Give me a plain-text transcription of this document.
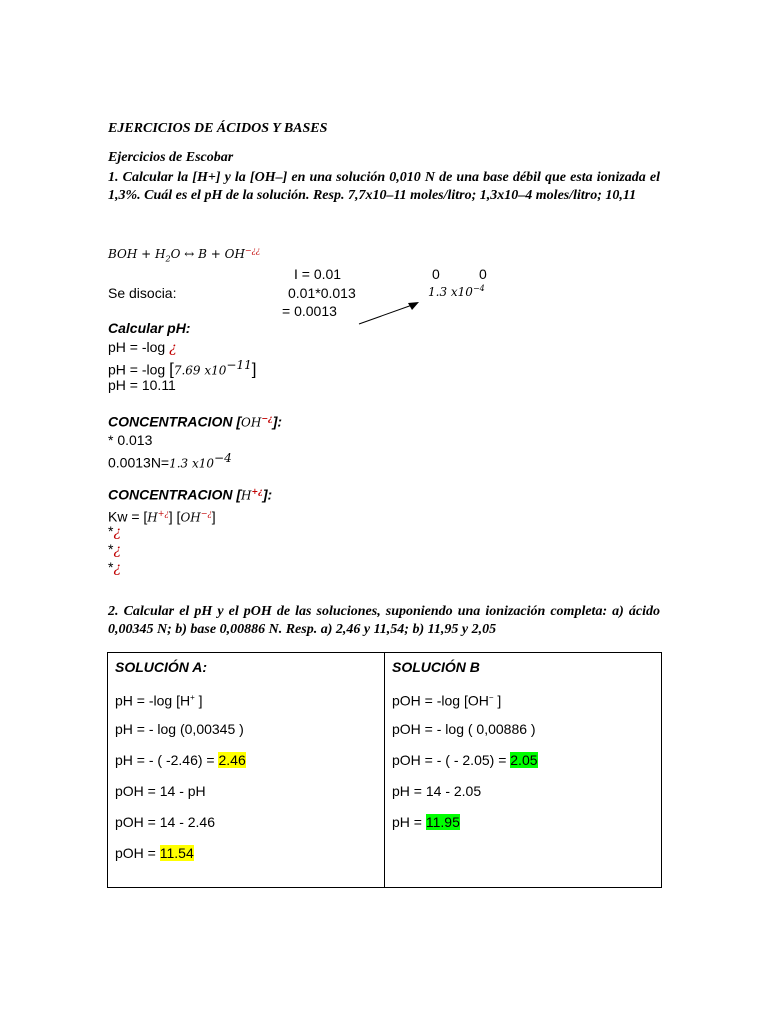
EJERCICIOS DE ÁCIDOS Y BASES
Ejercicios de Escobar

1. Calcular la [H+] y la [OH–] en una solución 0,010 N de una base débil que esta ionizada el 1,3%. Cuál es el pH de la solución. Resp. 7,7x10–11 moles/litro; 1,3x10–4 moles/litro; 10,11

BOH + $H_2O$ ↔ B + OH−¿¿
I = 0.01	0	0
Se disocia:	0.01*0.013	1.3 $x10^{-4}$
= 0.0013
Calcular pH:
pH = -log ¿
pH = -log [7.69 $x10^{-11}$]
pH = 10.11
CONCENTRACION [OH−¿]:
* 0.013
0.0013N=1.3 $x10^{-4}$
CONCENTRACION [H+¿]:
Kw = [H+¿] [OH−¿]
*¿
*¿
*¿

2. Calcular el pH y el pOH de las soluciones, suponiendo una ionización completa: a) ácido 0,00345 N; b) base 0,00886 N. Resp. a) 2,46 y 11,54; b) 11,95 y 2,05

SOLUCIÓN A:
pH = -log [H+ ]
pH = - log (0,00345 )
pH = - ( -2.46) = 2.46
pOH = 14 - pH
pOH = 14 - 2.46
pOH = 11.54

SOLUCIÓN B
pOH = -log [OH− ]
pOH = - log ( 0,00886 )
pOH = - ( - 2.05) = 2.05
pH = 14 - 2.05
pH = 11.95
